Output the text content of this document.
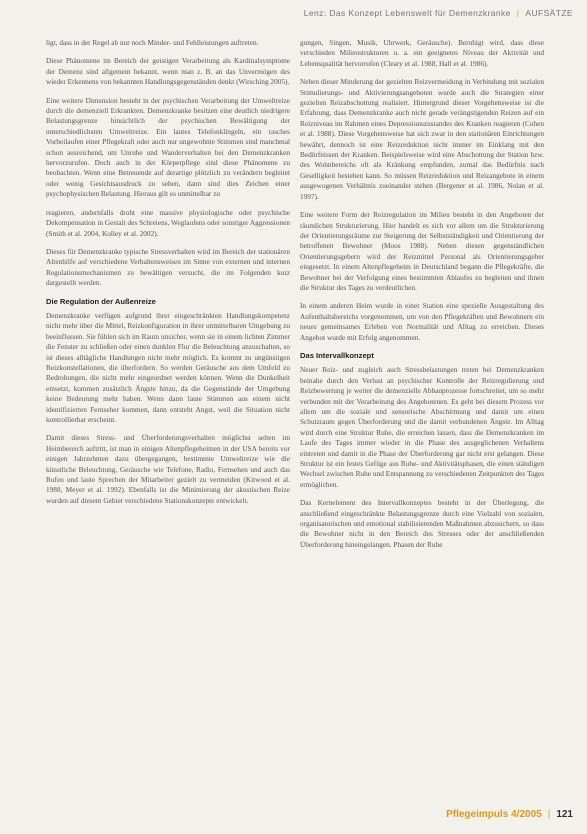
Lenz: Das Konzept Lebenswelt für Demenzkranke | AUFSÄTZE

ligt, dass in der Regel ab nur noch Minder- und Fehlleistungen auftreten.

Diese Phänomene im Bereich der geistigen Verarbeitung als Kardinalsymptome der Demenz sind allgemein bekannt, wenn man z. B. an das Unvermögen des wieder Erkennens von bekannten Handlungsgegenständen denkt (Wirsching 2005).

Eine weitere Dimension besteht in der psychischen Verarbeitung der Umweltreize durch die demenziell Erkrankten. Demenzkranke besitzen eine deutlich niedrigere Belastungsgrenze hinsichtlich der psychischen Bewältigung der unterschiedlichsten Umweltreize. Ein lautes Telefonklingeln, ein rasches Vorbeilaufen einer Pflegekraft oder auch nur ungewohnte Stimmen sind manchmal schon ausreichend, um Unruhe und Wanderverhalten bei den Demenzkranken hervorzurufen. Doch auch in der Körperpflege sind diese Phänomene zu beobachten. Wenn eine Betreuende auf derartige plötzlich zu verändern begleitet oder wenig Gesichtsausdruck zu sehen, dann sind dies Zeichen einer psychophysischen Belastung. Hieraus gilt es unmittelbar zu

reagieren, andernfalls droht eine massive physiologische oder psychische Dekompensation in Gestalt des Schreiens, Weglaufens oder sonstiger Aggressionen (Smith et al. 2004, Kolley et al. 2002).

Dieses für Demenzkranke typische Stressverhalten wird im Bereich der stationären Altenhilfe auf verschiedene Verhaltensweisen im Sinne von externen und internen Regulationsmechanismen zu bewältigen versucht, die im Folgenden kurz dargestellt werden.

Die Regulation der Außenreize

Demenzkranke verfügen aufgrund ihrer eingeschränkten Handlungskompetenz nicht mehr über die Mittel, Reizkonfiguration in ihrer unmittelbaren Umgebung zu beeinflussen. Sie fühlen sich im Raum unsicher, wenn sie in einem lichten Zimmer die Fenster zu schließen oder einen dunklen Flur die Beleuchtung anzuschalten, so ist dieses alltägliche Handlungen nicht mehr möglich. Es kommt zu ungünstigen Reizkonstellationen, die überfordern. So werden Geräusche aus dem Umfeld zu Bedrohungen, die nicht mehr eingeordnet werden können. Wenn die Dunkelheit einsetzt, kommen zusätzlich Ängste hinzu, da die Gegenstände der Umgebung keine Bedeutung mehr haben. Wenn dann laute Stimmen aus einem nicht identifizierten Fernseher kommen, dann entsteht Angst, weil die Situation nicht kontrollierbar erscheint.

Damit dieses Stress- und Überforderungsverhalten möglichst selten im Heimbereich auftritt, ist man in einigen Altenpflegeheimen in der USA bereits vor einigen Jahrzehnten dazu übergegangen, bestimmte Umweltreize wie die künstliche Beleuchtung, Geräusche wie Telefone, Radio, Fernsehen und auch das Rufen und laute Sprechen der Mitarbeiter gezielt zu vermeiden (Kitwood et al. 1988, Meyer et al. 1992). Ebenfalls ist die Minimierung der akustischen Reize wurden auf diesem Gebiet verschiedene Stationskonzepte entwickelt.

gungen, Singen, Musik, Uhrwerk, Geräusche). Beruhigt wird, dass diese verschieden Milieustrukturen u. a. ein geeignetes Niveau der Aktivität und Lebensqualität hervorrufen (Cleary et al. 1988, Hall et al. 1986).

Neben dieser Minderung der gezielten Reizvermeidung in Verbindung mit sozialen Stimulierungs- und Aktivierungsangeboten wurde auch die Strategien einer gezielten Reizabschottung realisiert. Hintergrund dieser Vorgehensweise ist die Erfahrung, dass Demenzkranke auch nicht gerade verängstigenden Reizen auf ein Reizniveau im Rahmen eines Depressionszustandes des Kranken reagieren (Cohen et al. 1988). Diese Vorgehensweise hat sich zwar in den stationären Einrichtungen bewährt, dennoch ist eine Reizreduktion nicht immer im Einklang mit den Bedürfnissen der Kranken. Beispielsweise wird eine Abschottung der Station bzw. des Wohnbereichs oft als Kränkung empfunden, zumal das Bedürfnis nach Geselligkeit bestehen kann. So müssen Reizreduktion und Reizangebote in einem ausgewogenen Verhältnis zueinander stehen (Bergener et al. 1986, Nolan et al. 1997).

Eine weitere Form der Reizregulation im Milieu besteht in den Angeboten der räumlichen Strukturierung. Hier handelt es sich vor allem um die Strukturierung der Orientierungsräume zur Steigerung der Selbstständigkeit und Orientierung der betroffenen Bewohner (Moos 1988). Neben diesen gegenständlichen Orientierungsgebern wird der Reizmittel Personal als Orientierungsgeber eingesetzt. In einem Altenpflegeheim in Deutschland begann die Pflegekräfte, die Bewohner bei der Verfolgung eines bestimmten Ablaufes zu begleiten und ihnen die Struktur des Tages zu verdeutlichen.

In einem anderen Heim wurde in einer Station eine spezielle Ausgestaltung des Aufenthaltsbereichs vorgenommen, um von den Pflegekräften und Bewohnern ein neues gemeinsames Erleben von Normalität und Alltag zu erreichen. Dieses Angebot wurde mit Erfolg angenommen.

Das Intervallkonzept

Neuer Reiz- und zugleich auch Stressbelastungen treten bei Demenzkranken beinahe durch den Verlust an psychischer Kontrolle der Reizregulierung und Reizbewertung je weiter die demenzielle Abbauprozesse fortschreitet, um so mehr verbunden mit der Verarbeitung des Angebotenen. Es geht bei diesem Prozess vor allem um die soziale und sensorische Abschirmung und damit um einen Schutzraum gegen Überforderung und die damit verbundenen Ängste. Im Alltag wird durch eine Struktur Ruhe, die erreichen lassen, dass die Demenzkranken im Laufe des Tages immer wieder in die Phase des ausgeglichenen Verhaltens eintreten und damit in die Phase der Überforderung gar nicht erst gelangen. Diese Struktur ist ein festes Gefüge aus Ruhe- und Aktivitätsphasen, die einen ständigen Wechsel zwischen Ruhe und Entspannung zu verschiedenen Zeitpunkten des Tages ermöglichen.

Das Kernelement des Intervallkonzeptes besteht in der Überlegung, die anschließend eingeschränkte Belastungsgrenze durch eine Vielzahl von sozialen, organisatorischen und emotional stabilisierenden Maßnahmen abzusichern, so dass die Bewohner nicht in den Bereich des Stresses oder der anschließenden Überforderung hineingelangen. Phasen der Ruhe

Pflegeimpuls 4/2005 | 121
